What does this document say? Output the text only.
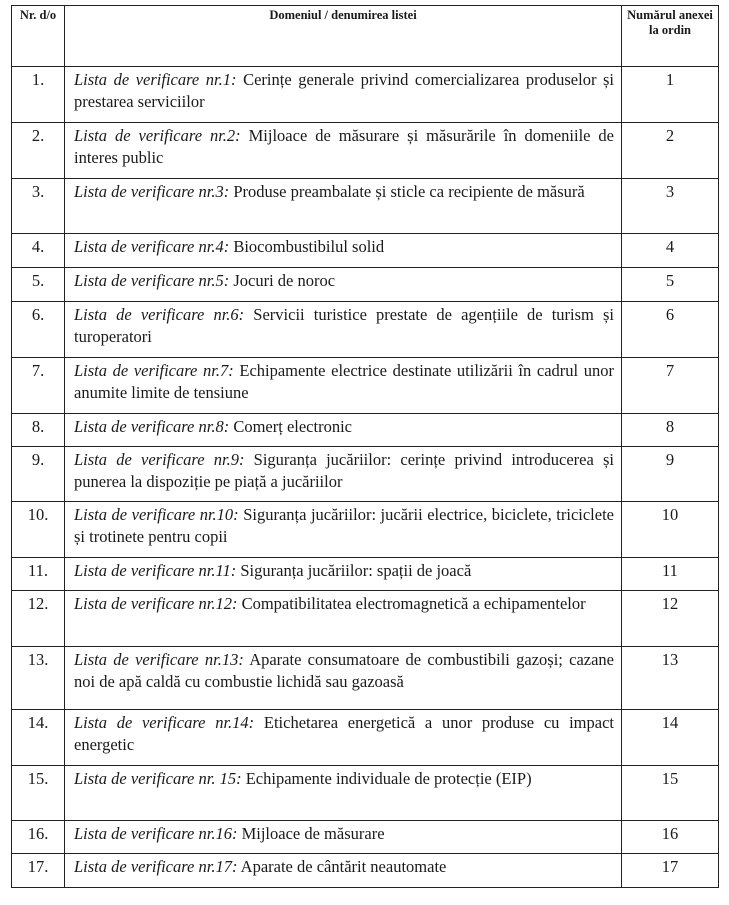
Nr. d/o	Domeniul / denumirea listei	Numărul anexei la ordin
1.	Lista de verificare nr.1: Cerințe generale privind comercializarea produselor și prestarea serviciilor	1
2.	Lista de verificare nr.2: Mijloace de măsurare și măsurările în domeniile de interes public	2
3.	Lista de verificare nr.3: Produse preambalate și sticle ca recipiente de măsură	3
4.	Lista de verificare nr.4: Biocombustibilul solid	4
5.	Lista de verificare nr.5: Jocuri de noroc	5
6.	Lista de verificare nr.6: Servicii turistice prestate de agențiile de turism și turoperatori	6
7.	Lista de verificare nr.7: Echipamente electrice destinate utilizării în cadrul unor anumite limite de tensiune	7
8.	Lista de verificare nr.8: Comerț electronic	8
9.	Lista de verificare nr.9: Siguranța jucăriilor: cerințe privind introducerea și punerea la dispoziție pe piață a jucăriilor	9
10.	Lista de verificare nr.10: Siguranța jucăriilor: jucării electrice, biciclete, triciclete și trotinete pentru copii	10
11.	Lista de verificare nr.11: Siguranța jucăriilor: spații de joacă	11
12.	Lista de verificare nr.12: Compatibilitatea electromagnetică a echipamentelor	12
13.	Lista de verificare nr.13: Aparate consumatoare de combustibili gazoși; cazane noi de apă caldă cu combustie lichidă sau gazoasă	13
14.	Lista de verificare nr.14: Etichetarea energetică a unor produse cu impact energetic	14
15.	Lista de verificare nr. 15: Echipamente individuale de protecție (EIP)	15
16.	Lista de verificare nr.16: Mijloace de măsurare	16
17.	Lista de verificare nr.17: Aparate de cântărit neautomate	17
